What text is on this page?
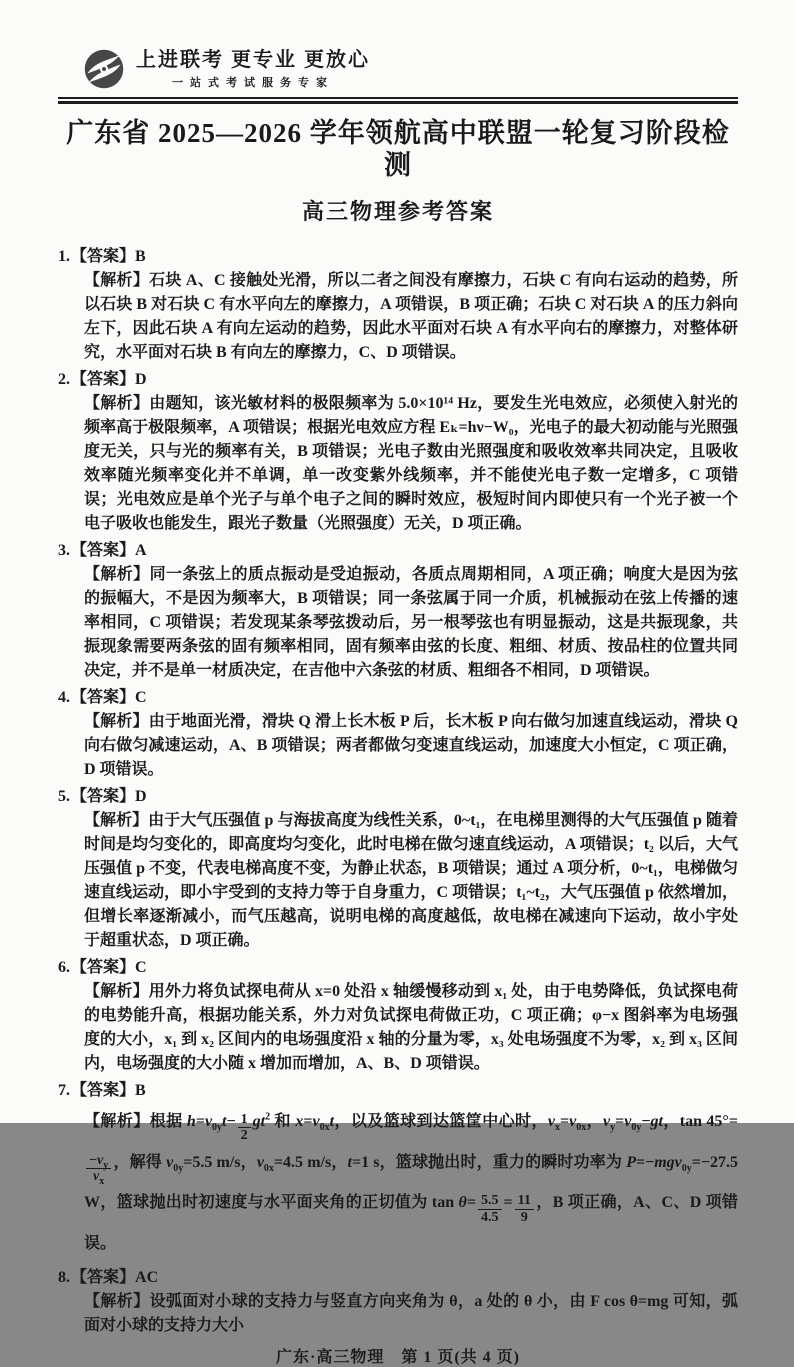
上进联考 更专业 更放心
一站式考试服务专家
广东省 2025—2026 学年领航高中联盟一轮复习阶段检测
高三物理参考答案
1.【答案】B

【解析】石块 A、C 接触处光滑，所以二者之间没有摩擦力，石块 C 有向右运动的趋势，所以石块 B 对石块 C 有水平向左的摩擦力，A 项错误，B 项正确；石块 C 对石块 A 的压力斜向左下，因此石块 A 有向左运动的趋势，因此水平面对石块 A 有水平向右的摩擦力，对整体研究，水平面对石块 B 有向左的摩擦力，C、D 项错误。

2.【答案】D

【解析】由题知，该光敏材料的极限频率为 5.0×10¹⁴ Hz，要发生光电效应，必须使入射光的频率高于极限频率，A 项错误；根据光电效应方程 Eₖ=hν−W₀，光电子的最大初动能与光照强度无关，只与光的频率有关，B 项错误；光电子数由光照强度和吸收效率共同决定，且吸收效率随光频率变化并不单调，单一改变紫外线频率，并不能使光电子数一定增多，C 项错误；光电效应是单个光子与单个电子之间的瞬时效应，极短时间内即使只有一个光子被一个电子吸收也能发生，跟光子数量（光照强度）无关，D 项正确。

3.【答案】A

【解析】同一条弦上的质点振动是受迫振动，各质点周期相同，A 项正确；响度大是因为弦的振幅大，不是因为频率大，B 项错误；同一条弦属于同一介质，机械振动在弦上传播的速率相同，C 项错误；若发现某条琴弦拨动后，另一根琴弦也有明显振动，这是共振现象，共振现象需要两条弦的固有频率相同，固有频率由弦的长度、粗细、材质、按品柱的位置共同决定，并不是单一材质决定，在吉他中六条弦的材质、粗细各不相同，D 项错误。

4.【答案】C

【解析】由于地面光滑，滑块 Q 滑上长木板 P 后，长木板 P 向右做匀加速直线运动，滑块 Q 向右做匀减速运动，A、B 项错误；两者都做匀变速直线运动，加速度大小恒定，C 项正确，D 项错误。

5.【答案】D

【解析】由于大气压强值 p 与海拔高度为线性关系，0~t₁，在电梯里测得的大气压强值 p 随着时间是均匀变化的，即高度均匀变化，此时电梯在做匀速直线运动，A 项错误；t₂ 以后，大气压强值 p 不变，代表电梯高度不变，为静止状态，B 项错误；通过 A 项分析，0~t₁，电梯做匀速直线运动，即小宇受到的支持力等于自身重力，C 项错误；t₁~t₂，大气压强值 p 依然增加，但增长率逐渐减小，而气压越高，说明电梯的高度越低，故电梯在减速向下运动，故小宇处于超重状态，D 项正确。

6.【答案】C

【解析】用外力将负试探电荷从 x=0 处沿 x 轴缓慢移动到 x₁ 处，由于电势降低，负试探电荷的电势能升高，根据功能关系，外力对负试探电荷做正功，C 项正确；φ−x 图斜率为电场强度的大小，x₁ 到 x₂ 区间内的电场强度沿 x 轴的分量为零，x₃ 处电场强度不为零，x₂ 到 x₃ 区间内，电场强度的大小随 x 增加而增加，A、B、D 项错误。

7.【答案】B

【解析】根据 $h=v_{0y}t- \frac{1}{2} gt^2$ 和 $x=v_{0x}t$，以及篮球到达篮筐中心时，$v_x=v_{0x}$，$v_y=v_{0y}-gt$，tan 45°=
$\frac{-v_y}{v_x}$ ，解得 $v_{0y}=5.5$ m/s，$v_{0x}=4.5$ m/s，t=1 s，篮球抛出时，重力的瞬时功率为 P=−mgv$_{0y}$=−27.5 W，篮球抛出时初速度与水平面夹角的正切值为 $\tan \theta= \frac{5.5}{4.5} = \frac{11}{9}$ ，B 项正确，A、C、D 项错误。

8.【答案】AC

【解析】设弧面对小球的支持力与竖直方向夹角为 θ，a 处的 θ 小，由 F cos θ=mg 可知，弧面对小球的支持力大小

广东·高三物理　第 1 页(共 4 页)
